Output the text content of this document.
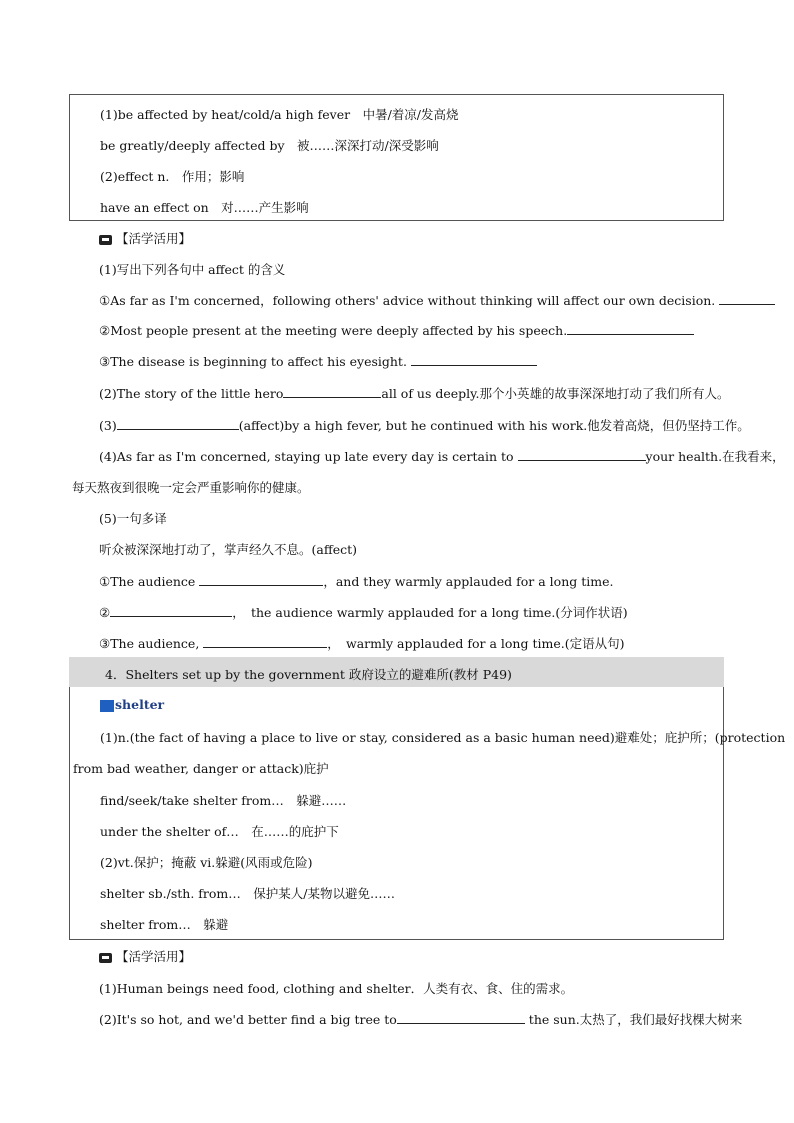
(1)be affected by heat/cold/a high fever　中暑/着凉/发高烧
be greatly/deeply affected by　被……深深打动/深受影响
(2)effect n.　作用；影响
have an effect on　对……产生影响
【活学活用】
(1)写出下列各句中 affect 的含义
①As far as I'm concerned，following others' advice without thinking will affect our own decision.
②Most people present at the meeting were deeply affected by his speech.
③The disease is beginning to affect his eyesight.
(2)The story of the little hero	all of us deeply.那个小英雄的故事深深地打动了我们所有人。
(3)	(affect)by a high fever, but he continued with his work.他发着高烧，但仍坚持工作。
(4)As far as I'm concerned, staying up late every day is certain to	your health.在我看来，
每天熬夜到很晚一定会严重影响你的健康。
(5)一句多译
听众被深深地打动了，掌声经久不息。(affect)
①The audience	，and they warmly applauded for a long time.
②	，　the audience warmly applauded for a long time.(分词作状语)
③The audience,	，　warmly applauded for a long time.(定语从句)
4．Shelters set up by the government 政府设立的避难所(教材 P49)
shelter
(1)n.(the fact of having a place to live or stay, considered as a basic human need)避难处；庇护所；(protection
from bad weather, danger or attack)庇护
find/seek/take shelter from…　躲避……
under the shelter of…　在……的庇护下
(2)vt.保护；掩蔽 vi.躲避(风雨或危险)
shelter sb./sth. from…　保护某人/某物以避免……
shelter from…　躲避
【活学活用】
(1)Human beings need food, clothing and shelter．人类有衣、食、住的需求。
(2)It's so hot, and we'd better find a big tree to	the sun.太热了，我们最好找棵大树来
